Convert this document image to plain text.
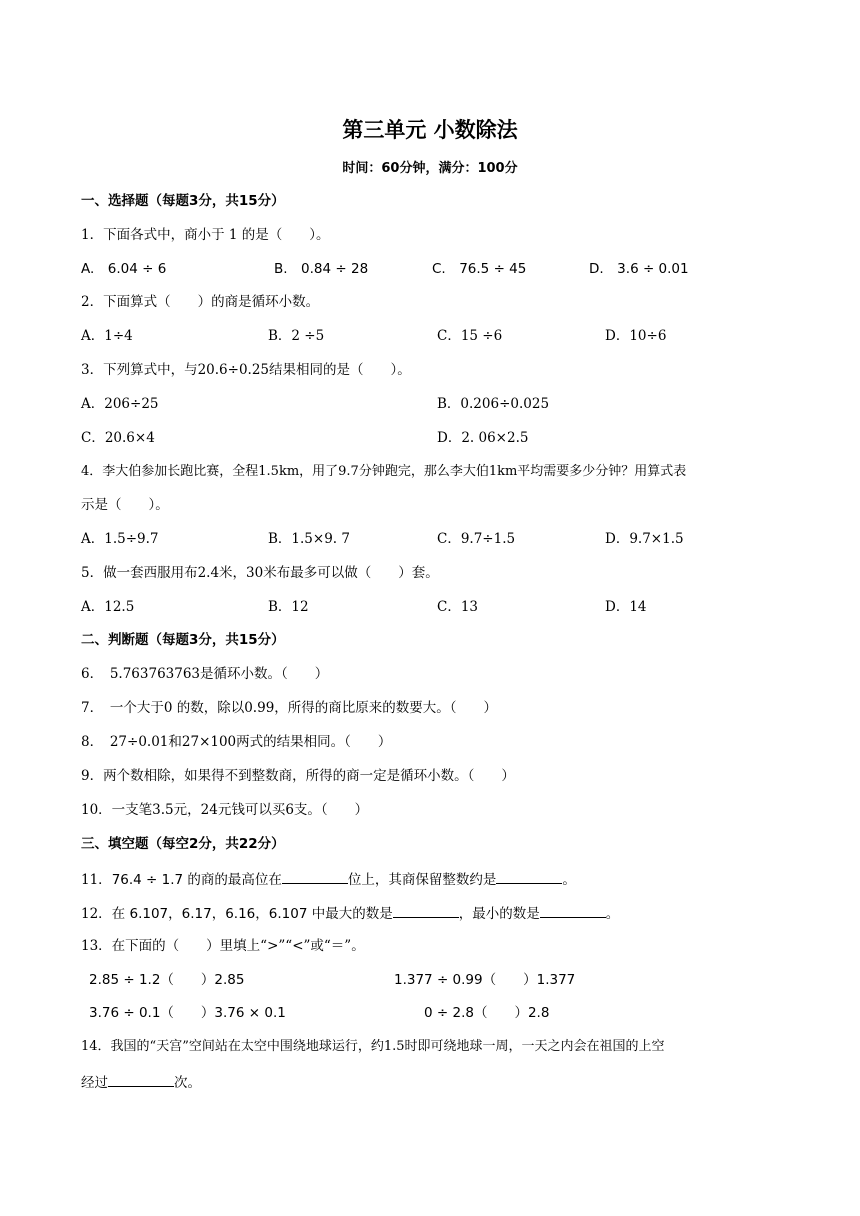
第三单元 小数除法
时间：60分钟，满分：100分
一、选择题（每题3分，共15分）
1．下面各式中，商小于 1 的是（　　）。
A.　6.04 ÷ 6	B.　0.84 ÷ 28	C.　76.5 ÷ 45	D.　3.6 ÷ 0.01
2．下面算式（　　）的商是循环小数。
A．1÷4	B．2 ÷5	C．15 ÷6	D．10÷6
3．下列算式中，与20.6÷0.25结果相同的是（　　）。
A．206÷25	B．0.206÷0.025
C．20.6×4	D．2. 06×2.5
4．李大伯参加长跑比赛，全程1.5km，用了9.7分钟跑完，那么李大伯1km平均需要多少分钟？用算式表
示是（　　）。
A．1.5÷9.7	B．1.5×9. 7	C．9.7÷1.5	D．9.7×1.5
5．做一套西服用布2.4米，30米布最多可以做（　　）套。
A．12.5	B．12	C．13	D．14
二、判断题（每题3分，共15分）
6．　5.763763763是循环小数。（　　）
7．　一个大于0 的数，除以0.99，所得的商比原来的数要大。（　　）
8．　27÷0.01和27×100两式的结果相同。（　　）
9．两个数相除，如果得不到整数商，所得的商一定是循环小数。（　　）
10．一支笔3.5元，24元钱可以买6支。（　　）
三、填空题（每空2分，共22分）
11．76.4 ÷ 1.7 的商的最高位在	位上，其商保留整数约是	。
12．在 6.107，6.17，6.16，6.107 中最大的数是	，最小的数是	。
13．在下面的（　　）里填上“>”“<”或“＝”。
2.85 ÷ 1.2（　　）2.85	1.377 ÷ 0.99（　　）1.377
3.76 ÷ 0.1（　　）3.76 × 0.1	0 ÷ 2.8（　　）2.8
14．我国的“天宫”空间站在太空中围绕地球运行，约1.5时即可绕地球一周，一天之内会在祖国的上空
经过	次。
